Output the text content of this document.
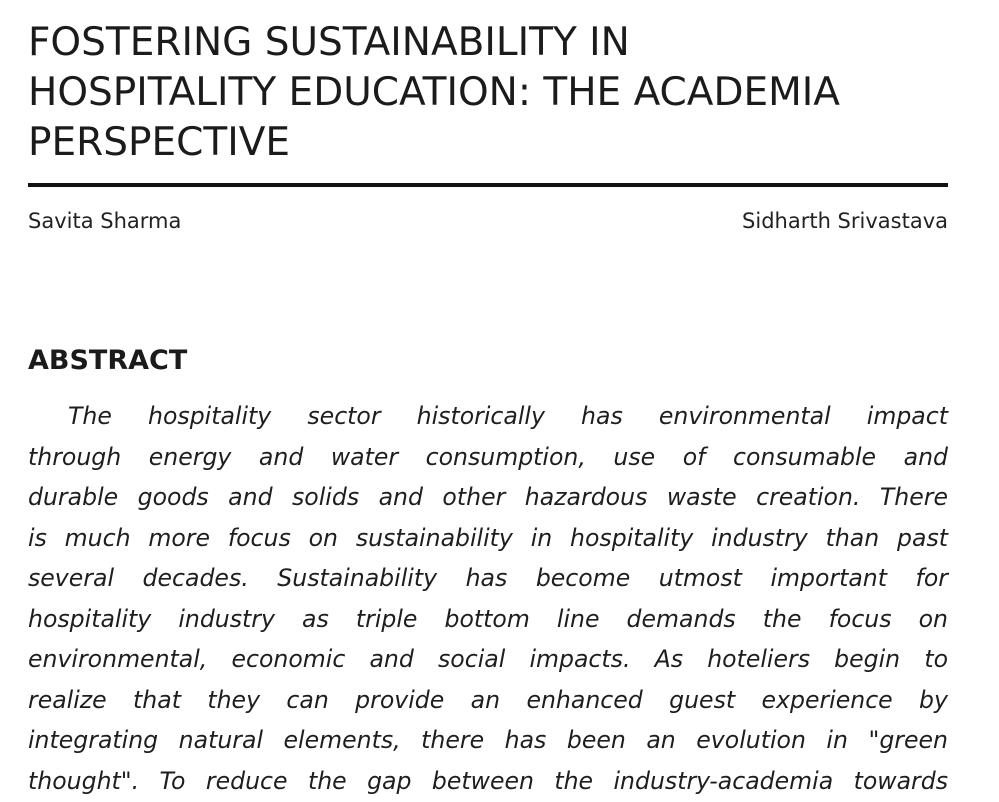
FOSTERING SUSTAINABILITY IN
HOSPITALITY EDUCATION: THE ACADEMIA
PERSPECTIVE
Savita Sharma	Sidharth Srivastava
ABSTRACT
The hospitality sector historically has environmental impact
through energy and water consumption, use of consumable and
durable goods and solids and other hazardous waste creation. There
is much more focus on sustainability in hospitality industry than past
several decades. Sustainability has become utmost important for
hospitality industry as triple bottom line demands the focus on
environmental, economic and social impacts. As hoteliers begin to
realize that they can provide an enhanced guest experience by
integrating natural elements, there has been an evolution in "green
thought". To reduce the gap between the industry-academia towards
